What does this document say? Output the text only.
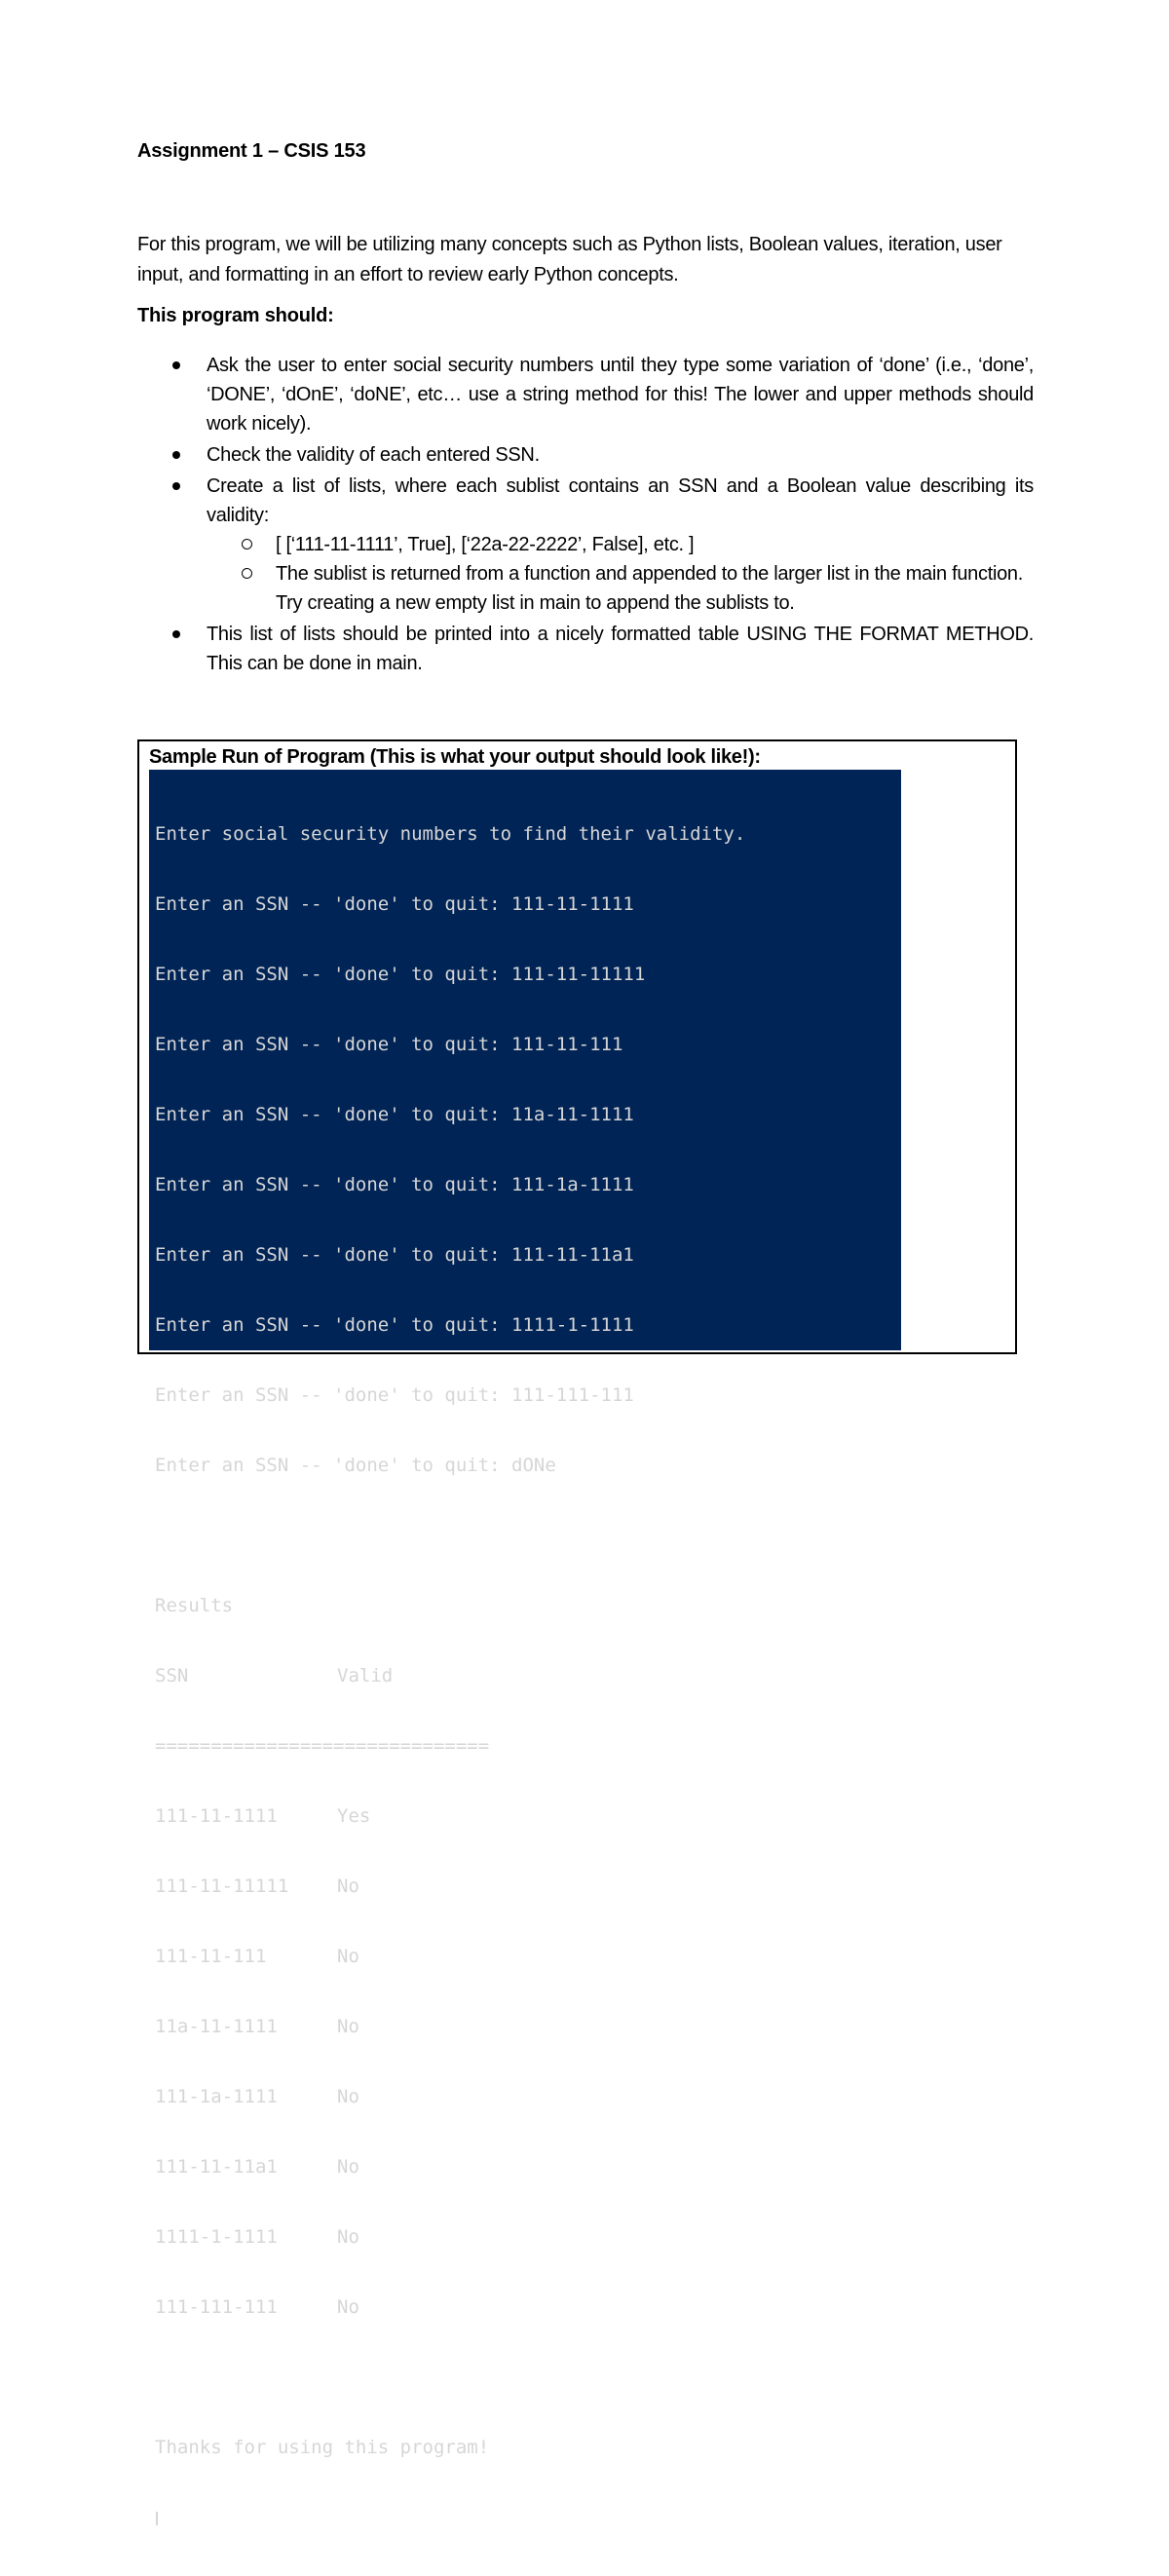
Assignment 1 – CSIS 153
For this program, we will be utilizing many concepts such as Python lists, Boolean values, iteration, user input, and formatting in an effort to review early Python concepts.
This program should:
Ask the user to enter social security numbers until they type some variation of ‘done’ (i.e., ‘done’, ‘DONE’, ‘dOnE’, ‘doNE’, etc… use a string method for this! The lower and upper methods should work nicely).
Check the validity of each entered SSN.
Create a list of lists, where each sublist contains an SSN and a Boolean value describing its validity:
[ [‘111-11-1111’, True], [‘22a-22-2222’, False], etc. ]
The sublist is returned from a function and appended to the larger list in the main function. Try creating a new empty list in main to append the sublists to.
This list of lists should be printed into a nicely formatted table USING THE FORMAT METHOD. This can be done in main.
Sample Run of Program (This is what your output should look like!):

Enter social security numbers to find their validity.

Enter an SSN -- 'done' to quit: 111-11-1111

Enter an SSN -- 'done' to quit: 111-11-11111

Enter an SSN -- 'done' to quit: 111-11-111

Enter an SSN -- 'done' to quit: 11a-11-1111

Enter an SSN -- 'done' to quit: 111-1a-1111

Enter an SSN -- 'done' to quit: 111-11-11a1

Enter an SSN -- 'done' to quit: 1111-1-1111

Enter an SSN -- 'done' to quit: 111-111-111

Enter an SSN -- 'done' to quit: dONe

Results

SSN	Valid

==============================

111-11-1111	Yes

111-11-11111	No

111-11-111	No

11a-11-1111	No

111-1a-1111	No

111-11-11a1	No

1111-1-1111	No

111-111-111	No

Thanks for using this program!
